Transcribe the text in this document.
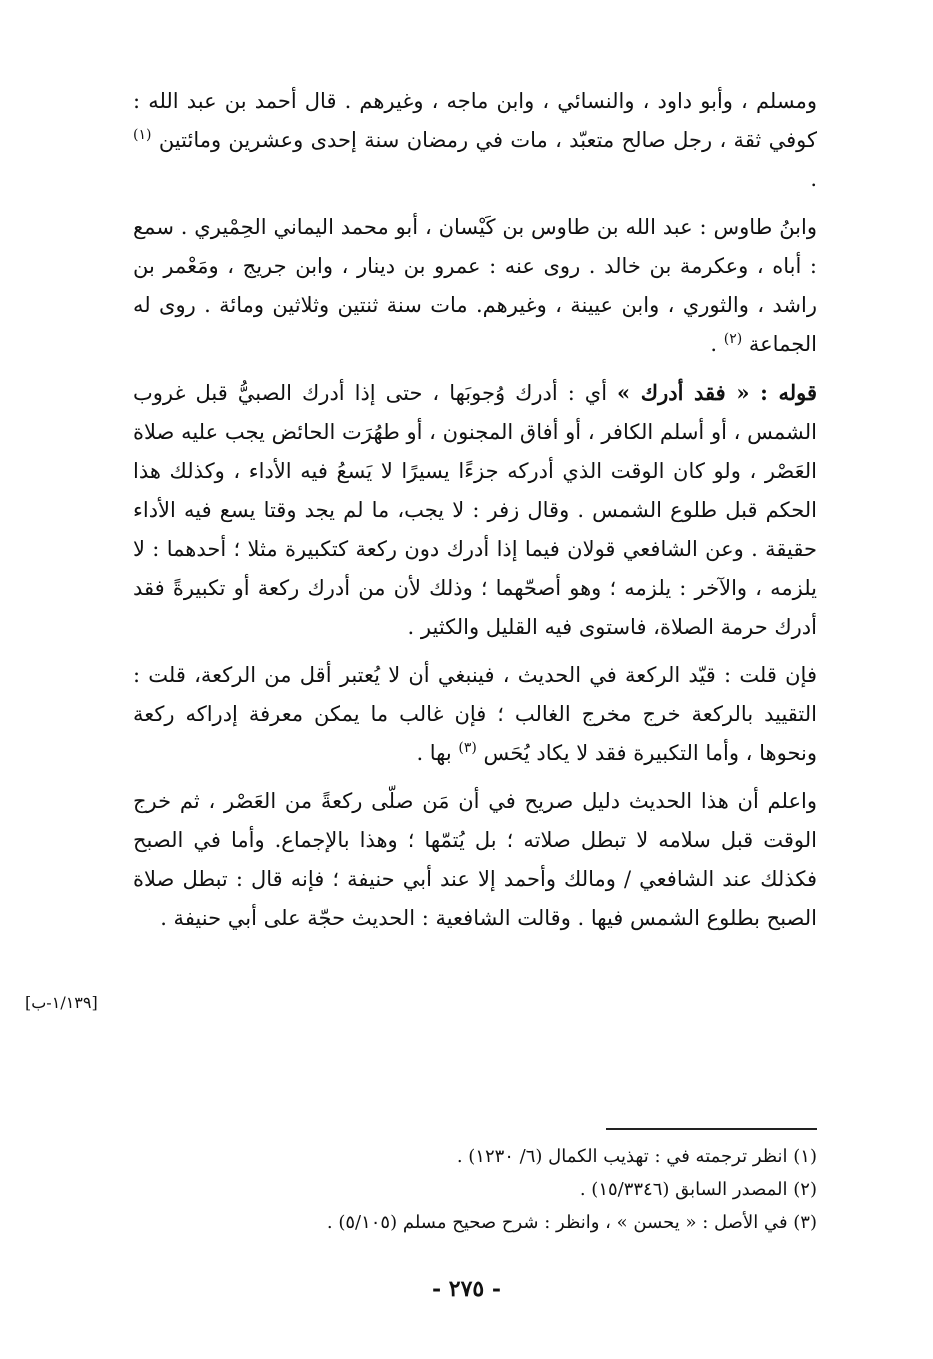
ومسلم ، وأبو داود ، والنسائي ، وابن ماجه ، وغيرهم . قال أحمد بن عبد الله : كوفي ثقة ، رجل صالح متعبّد ، مات في رمضان سنة إحدى وعشرين ومائتين $^{(١)}$ .

وابنُ طاوس : عبد الله بن طاوس بن كَيْسان ، أبو محمد اليماني الحِمْيري . سمع : أباه ، وعكرمة بن خالد . روى عنه : عمرو بن دينار ، وابن جريج ، ومَعْمر بن راشد ، والثوري ، وابن عيينة ، وغيرهم. مات سنة ثنتين وثلاثين ومائة . روى له الجماعة $^{(٢)}$ .

قوله : « فقد أدرك » أي : أدرك وُجوبَها ، حتى إذا أدرك الصبيُّ قبل غروب الشمس ، أو أسلم الكافر ، أو أفاق المجنون ، أو طهُرَت الحائض يجب عليه صلاة العَصْر ، ولو كان الوقت الذي أدركه جزءًا يسيرًا لا يَسعُ فيه الأداء ، وكذلك هذا الحكم قبل طلوع الشمس . وقال زفر : لا يجب، ما لم يجد وقتا يسع فيه الأداء حقيقة . وعن الشافعي قولان فيما إذا أدرك دون ركعة كتكبيرة مثلا ؛ أحدهما : لا يلزمه ، والآخر : يلزمه ؛ وهو أصحّهما ؛ وذلك لأن من أدرك ركعة أو تكبيرةً فقد أدرك حرمة الصلاة، فاستوى فيه القليل والكثير .

فإن قلت : قيّد الركعة في الحديث ، فينبغي أن لا يُعتبر أقل من الركعة، قلت : التقييد بالركعة خرج مخرج الغالب ؛ فإن غالب ما يمكن معرفة إدراكه ركعة ونحوها ، وأما التكبيرة فقد لا يكاد يُحَس $^{(٣)}$ بها .

واعلم أن هذا الحديث دليل صريح في أن مَن صلّى ركعةً من العَصْر ، ثم خرج الوقت قبل سلامه لا تبطل صلاته ؛ بل يُتمّها ؛ وهذا بالإجماع. وأما في الصبح فكذلك عند الشافعي / ومالك وأحمد إلا عند أبي حنيفة ؛ فإنه قال : تبطل صلاة الصبح بطلوع الشمس فيها . وقالت الشافعية : الحديث حجّة على أبي حنيفة .

[١/١٣٩-ب]

(١) انظر ترجمته في : تهذيب الكمال (٦/ ١٢٣٠) .

(٢) المصدر السابق (١٥/٣٣٤٦) .

(٣) في الأصل : « يحسن » ، وانظر : شرح صحيح مسلم (٥/١٠٥) .

- ٢٧٥ -
